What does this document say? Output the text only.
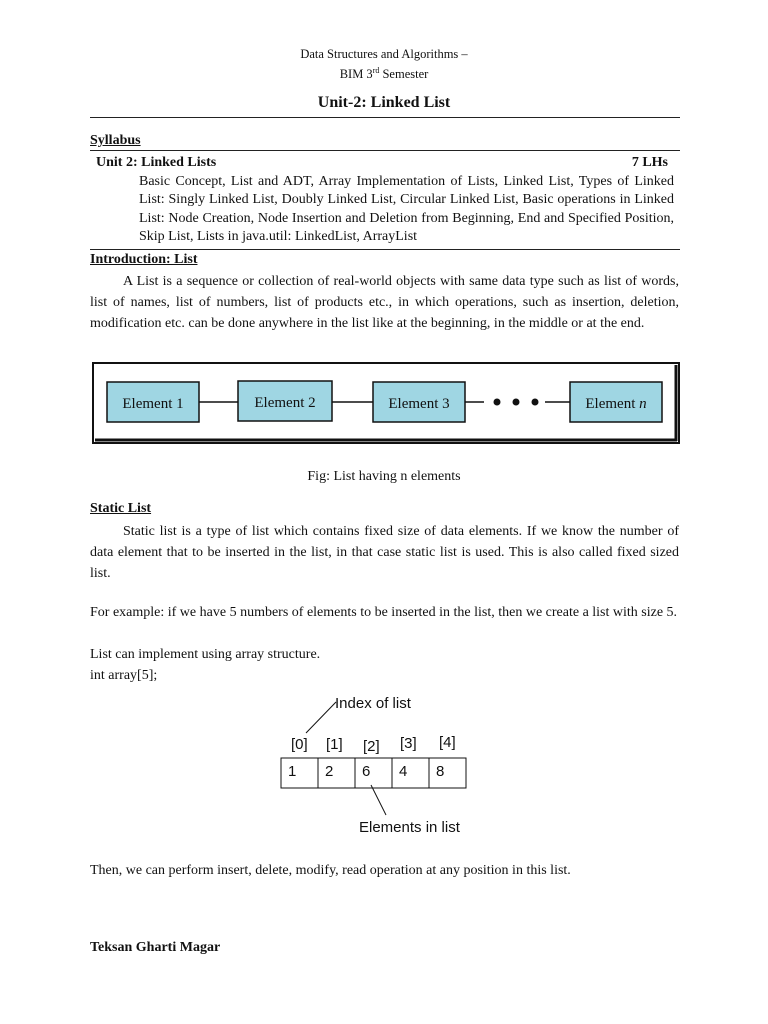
Data Structures and Algorithms –
BIM 3rd Semester
Unit-2: Linked List
Syllabus
Unit 2: Linked Lists	7 LHs
Basic Concept, List and ADT, Array Implementation of Lists, Linked List, Types of Linked List: Singly Linked List, Doubly Linked List, Circular Linked List, Basic operations in Linked List: Node Creation, Node Insertion and Deletion from Beginning, End and Specified Position, Skip List, Lists in java.util: LinkedList, ArrayList
Introduction: List

A List is a sequence or collection of real-world objects with same data type such as list of words, list of names, list of numbers, list of products etc., in which operations, such as insertion, deletion, modification etc. can be done anywhere in the list like at the beginning, in the middle or at the end.

Element 1	Element 2	Element 3	Element n
Fig: List having n elements
Static List

Static list is a type of list which contains fixed size of data elements. If we know the number of data element that to be inserted in the list, in that case static list is used. This is also called fixed sized list.

For example: if we have 5 numbers of elements to be inserted in the list, then we create a list with size 5.

List can implement using array structure.
int array[5];
Index of list
[0] [1] [2] [3] [4]
1 2 6 4 8
Elements in list
Then, we can perform insert, delete, modify, read operation at any position in this list.
Teksan Gharti Magar
